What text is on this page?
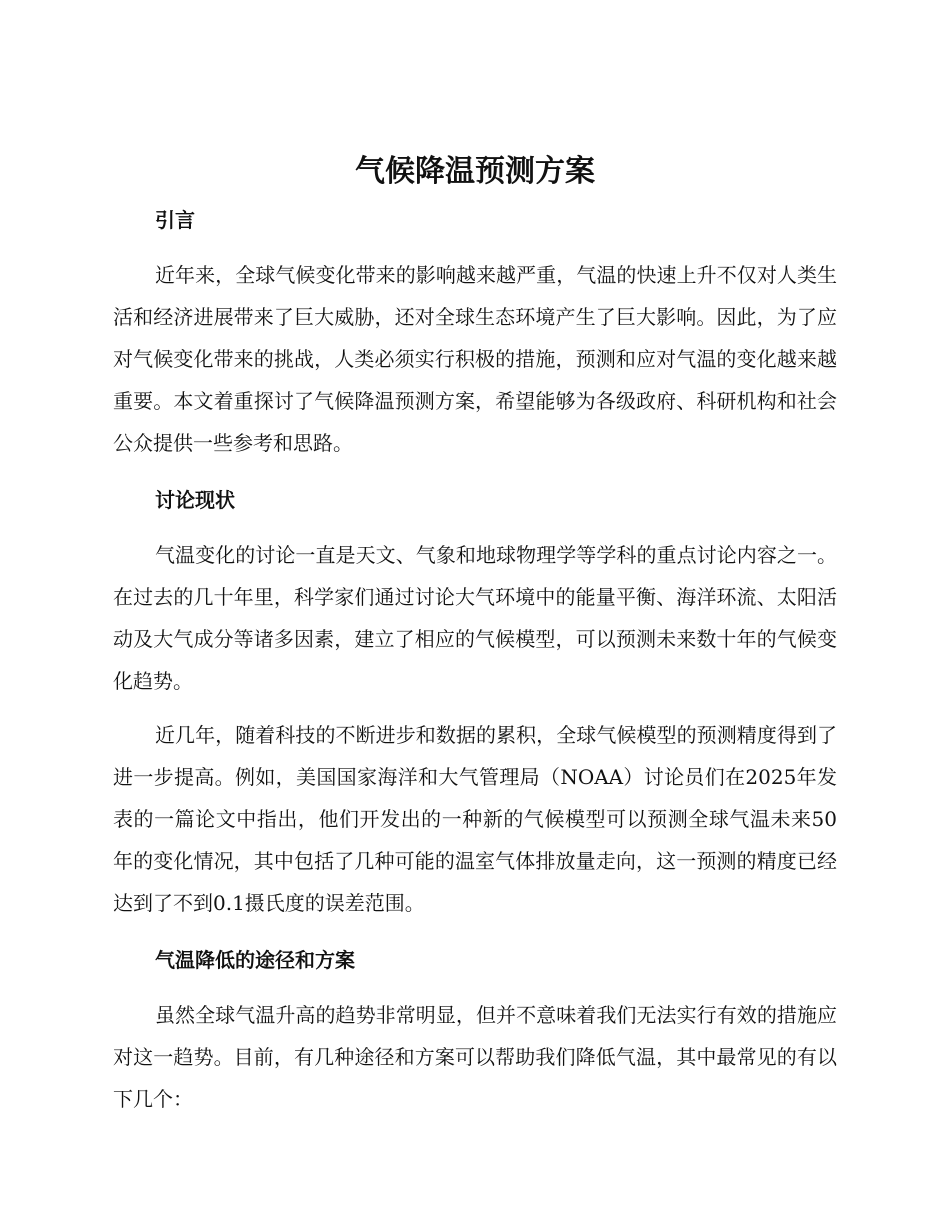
气候降温预测方案
引言

近年来，全球气候变化带来的影响越来越严重，气温的快速上升不仅对人类生活和经济进展带来了巨大威胁，还对全球生态环境产生了巨大影响。因此，为了应对气候变化带来的挑战，人类必须实行积极的措施，预测和应对气温的变化越来越重要。本文着重探讨了气候降温预测方案，希望能够为各级政府、科研机构和社会公众提供一些参考和思路。

讨论现状

气温变化的讨论一直是天文、气象和地球物理学等学科的重点讨论内容之一。在过去的几十年里，科学家们通过讨论大气环境中的能量平衡、海洋环流、太阳活动及大气成分等诸多因素，建立了相应的气候模型，可以预测未来数十年的气候变化趋势。

近几年，随着科技的不断进步和数据的累积，全球气候模型的预测精度得到了进一步提高。例如，美国国家海洋和大气管理局（NOAA）讨论员们在2025年发表的一篇论文中指出，他们开发出的一种新的气候模型可以预测全球气温未来50年的变化情况，其中包括了几种可能的温室气体排放量走向，这一预测的精度已经达到了不到0.1摄氏度的误差范围。

气温降低的途径和方案

虽然全球气温升高的趋势非常明显，但并不意味着我们无法实行有效的措施应对这一趋势。目前，有几种途径和方案可以帮助我们降低气温，其中最常见的有以下几个：
